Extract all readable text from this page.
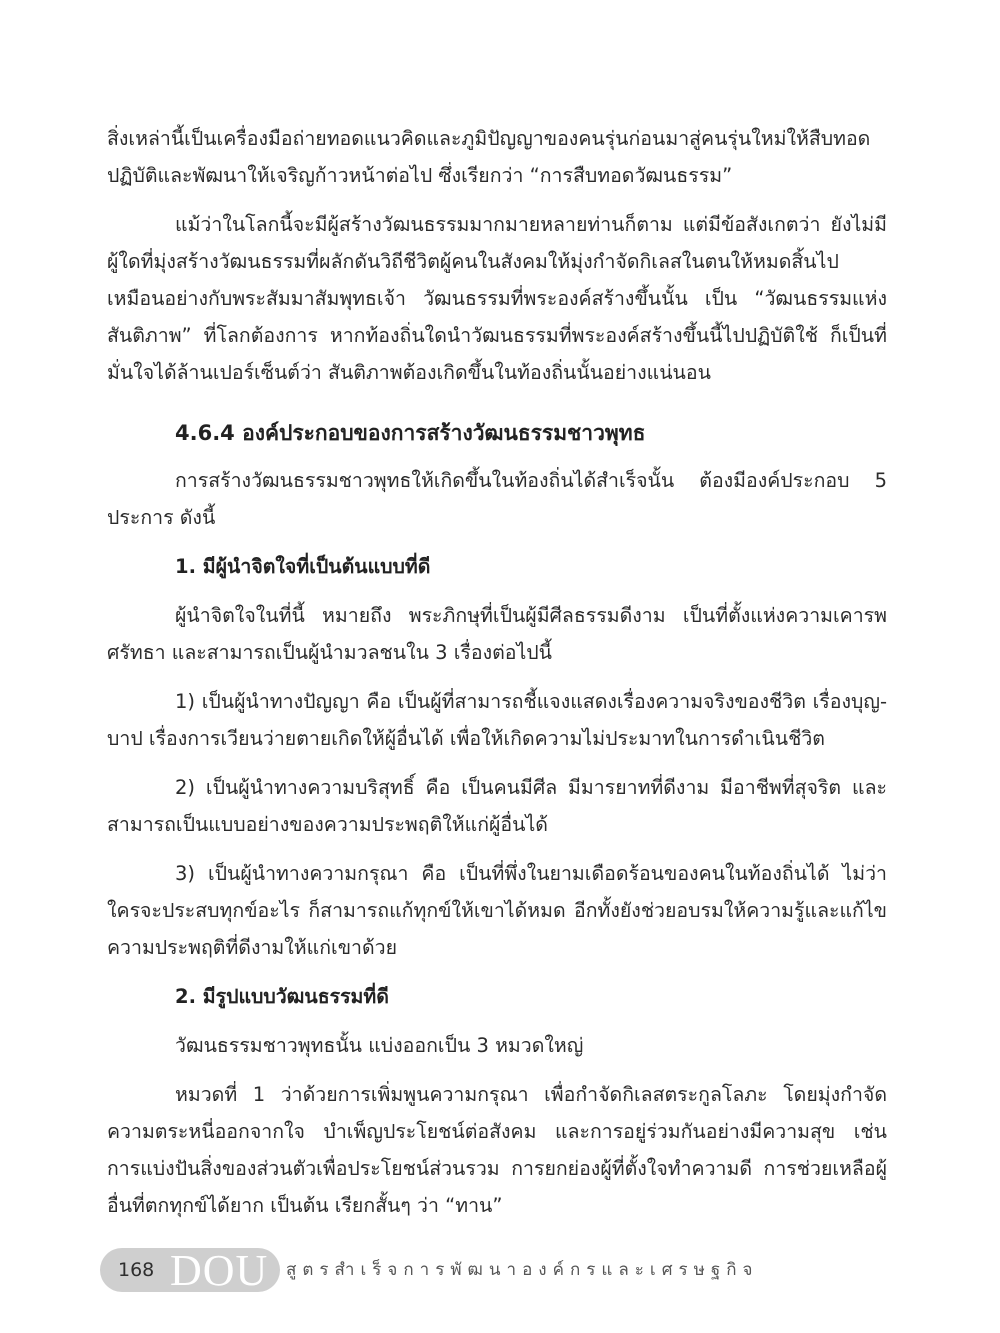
สิ่งเหล่านี้เป็นเครื่องมือถ่ายทอดแนวคิดและภูมิปัญญาของคนรุ่นก่อนมาสู่คนรุ่นใหม่ให้สืบทอดปฏิบัติและพัฒนาให้เจริญก้าวหน้าต่อไป ซึ่งเรียกว่า “การสืบทอดวัฒนธรรม”

แม้ว่าในโลกนี้จะมีผู้สร้างวัฒนธรรมมากมายหลายท่านก็ตาม แต่มีข้อสังเกตว่า ยังไม่มีผู้ใดที่มุ่งสร้างวัฒนธรรมที่ผลักดันวิถีชีวิตผู้คนในสังคมให้มุ่งกำจัดกิเลสในตนให้หมดสิ้นไป เหมือนอย่างกับพระสัมมาสัมพุทธเจ้า วัฒนธรรมที่พระองค์สร้างขึ้นนั้น เป็น “วัฒนธรรมแห่งสันติภาพ” ที่โลกต้องการ หากท้องถิ่นใดนำวัฒนธรรมที่พระองค์สร้างขึ้นนี้ไปปฏิบัติใช้ ก็เป็นที่มั่นใจได้ล้านเปอร์เซ็นต์ว่า สันติภาพต้องเกิดขึ้นในท้องถิ่นนั้นอย่างแน่นอน

4.6.4 องค์ประกอบของการสร้างวัฒนธรรมชาวพุทธ

การสร้างวัฒนธรรมชาวพุทธให้เกิดขึ้นในท้องถิ่นได้สำเร็จนั้น ต้องมีองค์ประกอบ 5 ประการ ดังนี้

1. มีผู้นำจิตใจที่เป็นต้นแบบที่ดี

ผู้นำจิตใจในที่นี้ หมายถึง พระภิกษุที่เป็นผู้มีศีลธรรมดีงาม เป็นที่ตั้งแห่งความเคารพศรัทธา และสามารถเป็นผู้นำมวลชนใน 3 เรื่องต่อไปนี้

1) เป็นผู้นำทางปัญญา คือ เป็นผู้ที่สามารถชี้แจงแสดงเรื่องความจริงของชีวิต เรื่องบุญ-บาป เรื่องการเวียนว่ายตายเกิดให้ผู้อื่นได้ เพื่อให้เกิดความไม่ประมาทในการดำเนินชีวิต

2) เป็นผู้นำทางความบริสุทธิ์ คือ เป็นคนมีศีล มีมารยาทที่ดีงาม มีอาชีพที่สุจริต และสามารถเป็นแบบอย่างของความประพฤติให้แก่ผู้อื่นได้

3) เป็นผู้นำทางความกรุณา คือ เป็นที่พึ่งในยามเดือดร้อนของคนในท้องถิ่นได้ ไม่ว่าใครจะประสบทุกข์อะไร ก็สามารถแก้ทุกข์ให้เขาได้หมด อีกทั้งยังช่วยอบรมให้ความรู้และแก้ไขความประพฤติที่ดีงามให้แก่เขาด้วย

2. มีรูปแบบวัฒนธรรมที่ดี

วัฒนธรรมชาวพุทธนั้น แบ่งออกเป็น 3 หมวดใหญ่

หมวดที่ 1 ว่าด้วยการเพิ่มพูนความกรุณา เพื่อกำจัดกิเลสตระกูลโลภะ โดยมุ่งกำจัดความตระหนี่ออกจากใจ บำเพ็ญประโยชน์ต่อสังคม และการอยู่ร่วมกันอย่างมีความสุข เช่น การแบ่งปันสิ่งของส่วนตัวเพื่อประโยชน์ส่วนรวม การยกย่องผู้ที่ตั้งใจทำความดี การช่วยเหลือผู้อื่นที่ตกทุกข์ได้ยาก เป็นต้น เรียกสั้นๆ ว่า “ทาน”

168 DOU สูตรสำเร็จการพัฒนาองค์กรและเศรษฐกิจ
